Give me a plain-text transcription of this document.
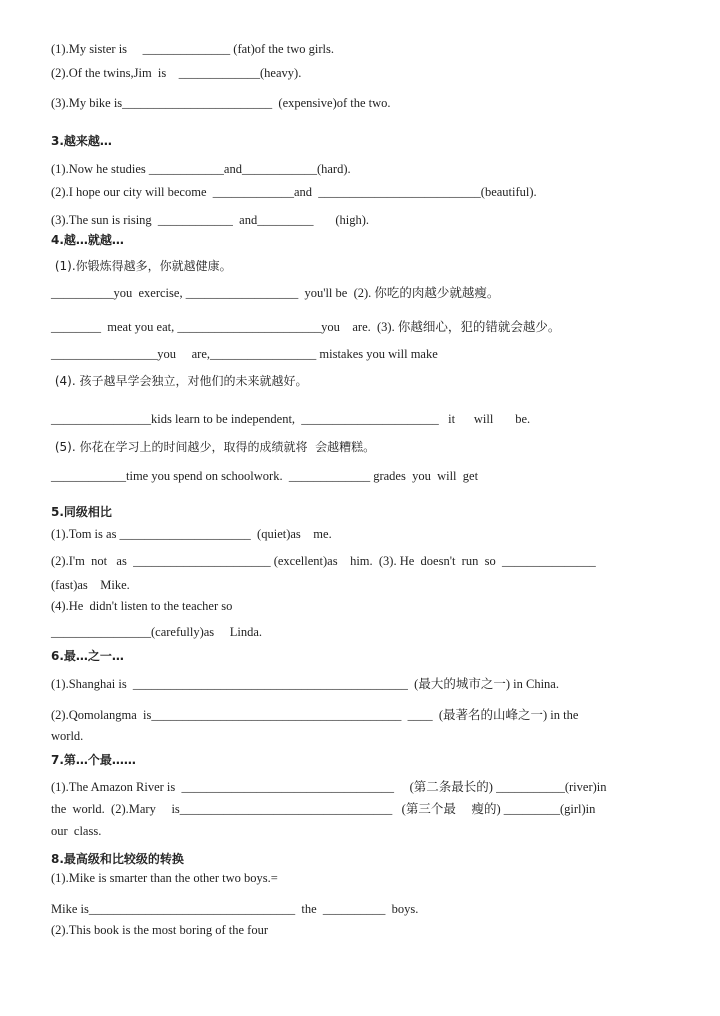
(1).My sister is     ______________ (fat)of the two girls.
(2).Of the twins,Jim  is    _____________(heavy).
(3).My bike is________________________  (expensive)of the two.
3.越来越…
(1).Now he studies ____________and____________(hard).
(2).I hope our city will become  _____________and  __________________________(beautiful).
(3).The sun is rising  ____________  and_________       (high).
4.越…就越…
(1).你锻炼得越多，你就越健康。
__________you  exercise, __________________  you'll be  (2). 你吃的肉越少就越瘦。
________  meat you eat, _______________________you    are.  (3). 你越细心，犯的错就会越少。
_________________you     are,_________________ mistakes you will make
(4). 孩子越早学会独立，对他们的未来就越好。
________________kids learn to be independent,  ______________________   it      will       be.
(5). 你花在学习上的时间越少，取得的成绩就将  会越糟糕。
____________time you spend on schoolwork.  _____________ grades  you  will  get
5.同级相比
(1).Tom is as _____________________  (quiet)as    me.
(2).I'm  not   as  ______________________ (excellent)as    him.  (3). He  doesn't  run  so  _______________
(fast)as    Mike.
(4).He  didn't listen to the teacher so
________________(carefully)as     Linda.
6.最…之一…
(1).Shanghai is  ____________________________________________  (最大的城市之一) in China.
(2).Qomolangma  is________________________________________  ____  (最著名的山峰之一) in the
world.
7.第…个最……
(1).The Amazon River is  __________________________________     (第二条最长的) ___________(river)in
the  world.  (2).Mary     is__________________________________   (第三个最     瘦的) _________(girl)in
our  class.
8.最高级和比较级的转换
(1).Mike is smarter than the other two boys.=
Mike is_________________________________  the  __________  boys.
(2).This book is the most boring of the four
